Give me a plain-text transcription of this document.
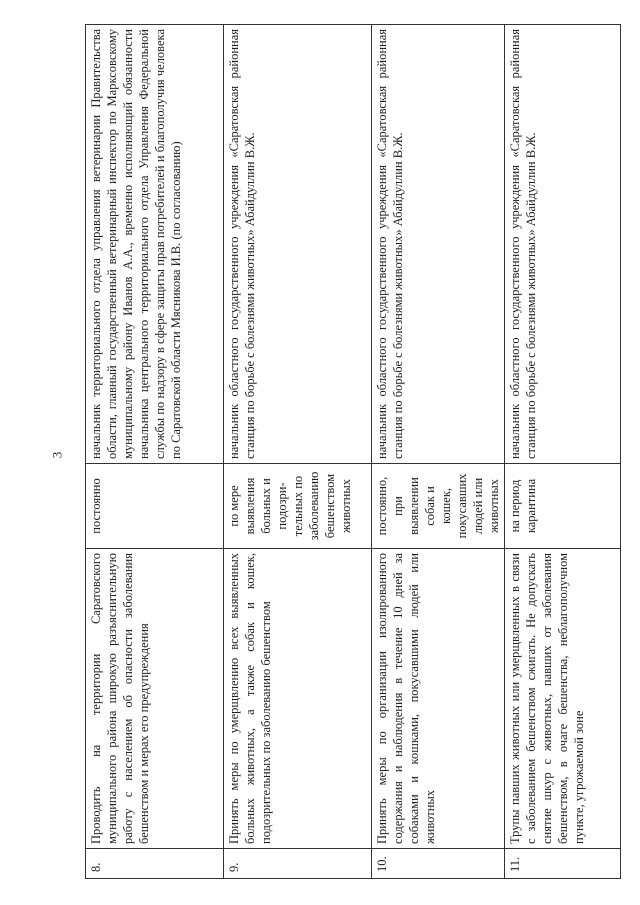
3
8.	Проводить на территории Саратовского муниципального района широкую разъяснительную работу с населением об опасности заболевания бешенством и мерах его предупреждения	постоянно	начальник территориального отдела управления ветеринарии Правительства области, главный государственный ветеринарный инспектор по Марксовскому муниципальному району Иванов А.А., временно исполняющий обязанности начальника центрального территориального отдела Управления Федеральной службы по надзору в сфере защиты прав потребителей и благополучия человека по Саратовской области Мясникова И.В. (по согласованию)
9.	Принять меры по умерщвлению всех выявленных больных животных, а также собак и кошек, подозрительных по заболеванию бешенством	по мере выявления больных и подозри-тельных по заболеванию бешенством животных	начальник областного государственного учреждения «Саратовская районная станция по борьбе с болезнями животных» Абайдуллин В.Ж.
10.	Принять меры по организации изолированного содержания и наблюдения в течение 10 дней за собаками и кошками, покусавшими людей или животных	постоянно, при выявлении собак и кошек, покусавших людей или животных	начальник областного государственного учреждения «Саратовская районная станция по борьбе с болезнями животных» Абайдуллин В.Ж.
11.	Трупы павших животных или умерщвленных в связи с заболеванием бешенством сжигать. Не допускать снятие шкур с животных, павших от заболевания бешенством, в очаге бешенства, неблагополучном пункте, угрожаемой зоне	на период карантина	начальник областного государственного учреждения «Саратовская районная станция по борьбе с болезнями животных» Абайдуллин В.Ж.
